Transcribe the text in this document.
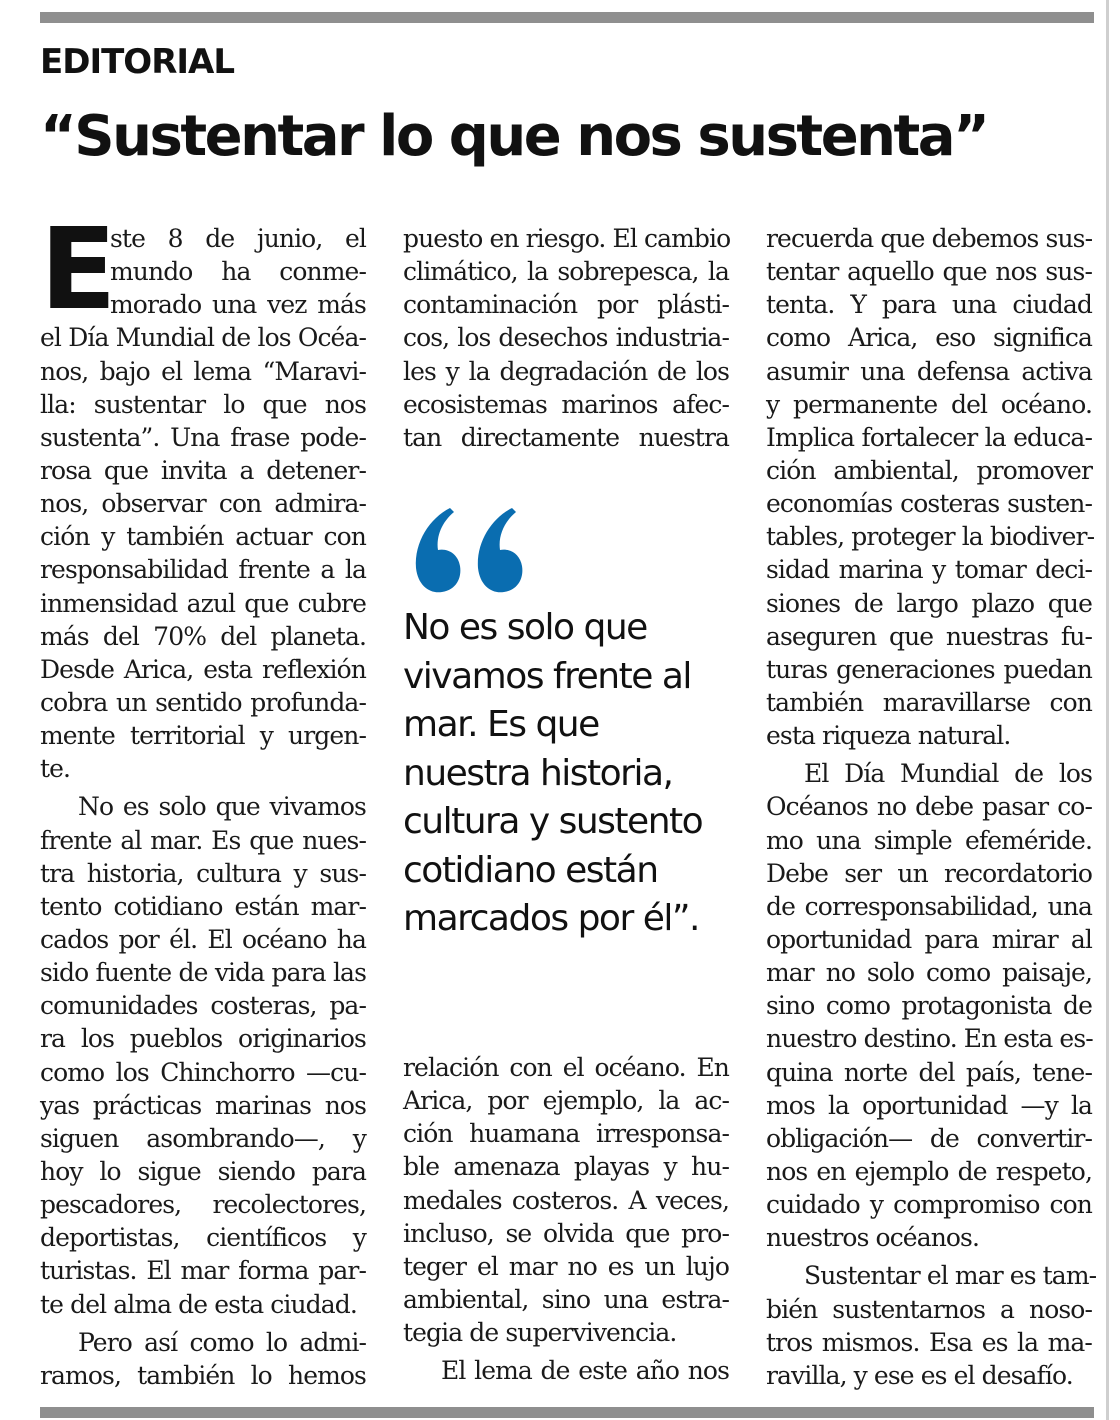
EDITORIAL
“Sustentar lo que nos sustenta”
E
ste 8 de junio, el
mundo ha conme-
morado una vez más
el Día Mundial de los Océa-
nos, bajo el lema “Maravi-
lla: sustentar lo que nos
sustenta”. Una frase pode-
rosa que invita a detener-
nos, observar con admira-
ción y también actuar con
responsabilidad frente a la
inmensidad azul que cubre
más del 70% del planeta.
Desde Arica, esta reflexión
cobra un sentido profunda-
mente territorial y urgen-
te.
No es solo que vivamos
frente al mar. Es que nues-
tra historia, cultura y sus-
tento cotidiano están mar-
cados por él. El océano ha
sido fuente de vida para las
comunidades costeras, pa-
ra los pueblos originarios
como los Chinchorro —cu-
yas prácticas marinas nos
siguen asombrando—, y
hoy lo sigue siendo para
pescadores, recolectores,
deportistas, científicos y
turistas. El mar forma par-
te del alma de esta ciudad.
Pero así como lo admi-
ramos, también lo hemos
puesto en riesgo. El cambio
climático, la sobrepesca, la
contaminación por plásti-
cos, los desechos industria-
les y la degradación de los
ecosistemas marinos afec-
tan directamente nuestra
No es solo que
vivamos frente al
mar. Es que
nuestra historia,
cultura y sustento
cotidiano están
marcados por él”.
relación con el océano. En
Arica, por ejemplo, la ac-
ción huamana irresponsa-
ble amenaza playas y hu-
medales costeros. A veces,
incluso, se olvida que pro-
teger el mar no es un lujo
ambiental, sino una estra-
tegia de supervivencia.
El lema de este año nos
recuerda que debemos sus-
tentar aquello que nos sus-
tenta. Y para una ciudad
como Arica, eso significa
asumir una defensa activa
y permanente del océano.
Implica fortalecer la educa-
ción ambiental, promover
economías costeras susten-
tables, proteger la biodiver-
sidad marina y tomar deci-
siones de largo plazo que
aseguren que nuestras fu-
turas generaciones puedan
también maravillarse con
esta riqueza natural.
El Día Mundial de los
Océanos no debe pasar co-
mo una simple efeméride.
Debe ser un recordatorio
de corresponsabilidad, una
oportunidad para mirar al
mar no solo como paisaje,
sino como protagonista de
nuestro destino. En esta es-
quina norte del país, tene-
mos la oportunidad —y la
obligación— de convertir-
nos en ejemplo de respeto,
cuidado y compromiso con
nuestros océanos.
Sustentar el mar es tam-
bién sustentarnos a noso-
tros mismos. Esa es la ma-
ravilla, y ese es el desafío.
